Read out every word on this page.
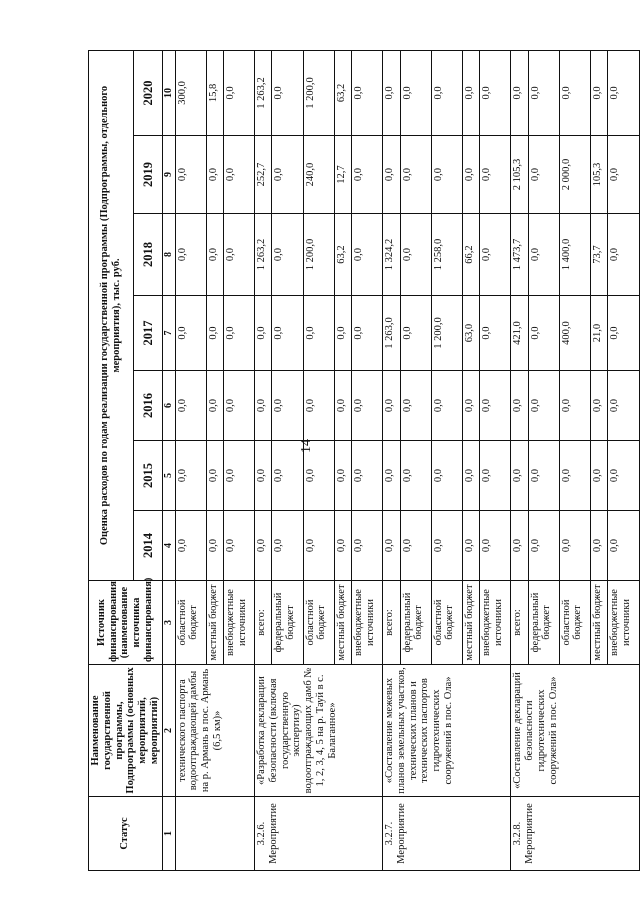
14
Статус	Наименование государственной программы, Подпрограммы (основных мероприятий, мероприятий)	Источник финансирования (наименование источника финансирования)	Оценка расходов по годам реализации государственной программы (Подпрограммы, отдельного мероприятия), тыс. руб.						
			2014	2015	2016	2017	2018	2019	2020
1	2	3	4	5	6	7	8	9	10

	технического паспорта водоотграждающей дамбы на р. Армань в пос. Армань (6,5 км)»	областной бюджет	0,0	0,0	0,0	0,0	0,0	0,0	300,0
		местный бюджет	0,0	0,0	0,0	0,0	0,0	0,0	15,8
		внебюджетные источники	0,0	0,0	0,0	0,0	0,0	0,0	0,0

3.2.6. Мероприятие	«Разработка декларации безопасности (включая государственную экспертизу) водоотграждающих дамб № 1, 2, 3, 4, 5 на р. Тауй в с. Балаганное»	всего:	0,0	0,0	0,0	0,0	1 263,2	252,7	1 263,2
		федеральный бюджет	0,0	0,0	0,0	0,0	0,0	0,0	0,0
		областной бюджет	0,0	0,0	0,0	0,0	1 200,0	240,0	1 200,0
		местный бюджет	0,0	0,0	0,0	0,0	63,2	12,7	63,2
		внебюджетные источники	0,0	0,0	0,0	0,0	0,0	0,0	0,0

3.2.7. Мероприятие	«Составление межевых планов земельных участков, технических планов и технических паспортов гидротехнических сооружений в пос. Ола»	всего:	0,0	0,0	0,0	1 263,0	1 324,2	0,0	0,0
		федеральный бюджет	0,0	0,0	0,0	0,0	0,0	0,0	0,0
		областной бюджет	0,0	0,0	0,0	1 200,0	1 258,0	0,0	0,0
		местный бюджет	0,0	0,0	0,0	63,0	66,2	0,0	0,0
		внебюджетные источники	0,0	0,0	0,0	0,0	0,0	0,0	0,0

3.2.8. Мероприятие	«Составление деклараций безопасности гидротехнических сооружений в пос. Ола»	всего:	0,0	0,0	0,0	421,0	1 473,7	2 105,3	0,0
		федеральный бюджет	0,0	0,0	0,0	0,0	0,0	0,0	0,0
		областной бюджет	0,0	0,0	0,0	400,0	1 400,0	2 000,0	0,0
		местный бюджет	0,0	0,0	0,0	21,0	73,7	105,3	0,0
		внебюджетные источники	0,0	0,0	0,0	0,0	0,0	0,0	0,0
